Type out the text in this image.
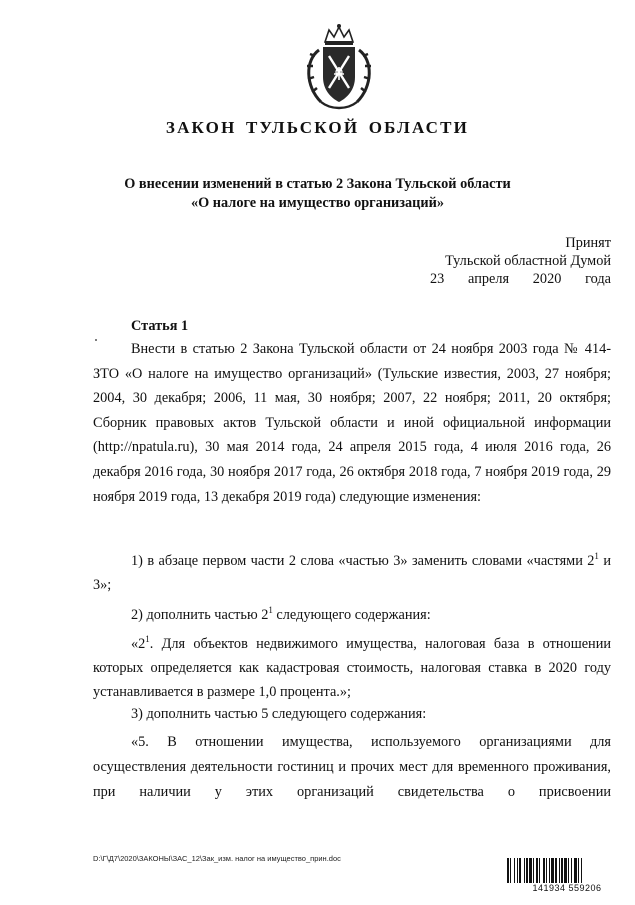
ЗАКОН ТУЛЬСКОЙ ОБЛАСТИ
О внесении изменений в статью 2 Закона Тульской области
«О налоге на имущество организаций»
Принят
Тульской областной Думой
23 апреля 2020 года
Статья 1

Внести в статью 2 Закона Тульской области от 24 ноября 2003 года № 414-ЗТО «О налоге на имущество организаций» (Тульские известия, 2003, 27 ноября; 2004, 30 декабря; 2006, 11 мая, 30 ноября; 2007, 22 ноября; 2011, 20 октября; Сборник правовых актов Тульской области и иной официальной информации (http://npatula.ru), 30 мая 2014 года, 24 апреля 2015 года, 4 июля 2016 года, 26 декабря 2016 года, 30 ноября 2017 года, 26 октября 2018 года, 7 ноября 2019 года, 29 ноября 2019 года, 13 декабря 2019 года) следующие изменения:

1) в абзаце первом части 2 слова «частью 3» заменить словами «частями $2^1$ и 3»;

2) дополнить частью $2^1$ следующего содержания:

«$2^1$. Для объектов недвижимого имущества, налоговая база в отношении которых определяется как кадастровая стоимость, налоговая ставка в 2020 году устанавливается в размере 1,0 процента.»;

3) дополнить частью 5 следующего содержания:

«5. В отношении имущества, используемого организациями для осуществления деятельности гостиниц и прочих мест для временного проживания, при наличии у этих организаций свидетельства о присвоении

D:\Г\Д7\2020\ЗАКОНЫ\ЗАС_12\Зак_изм. налог на имущество_прин.doc
141934 559206
